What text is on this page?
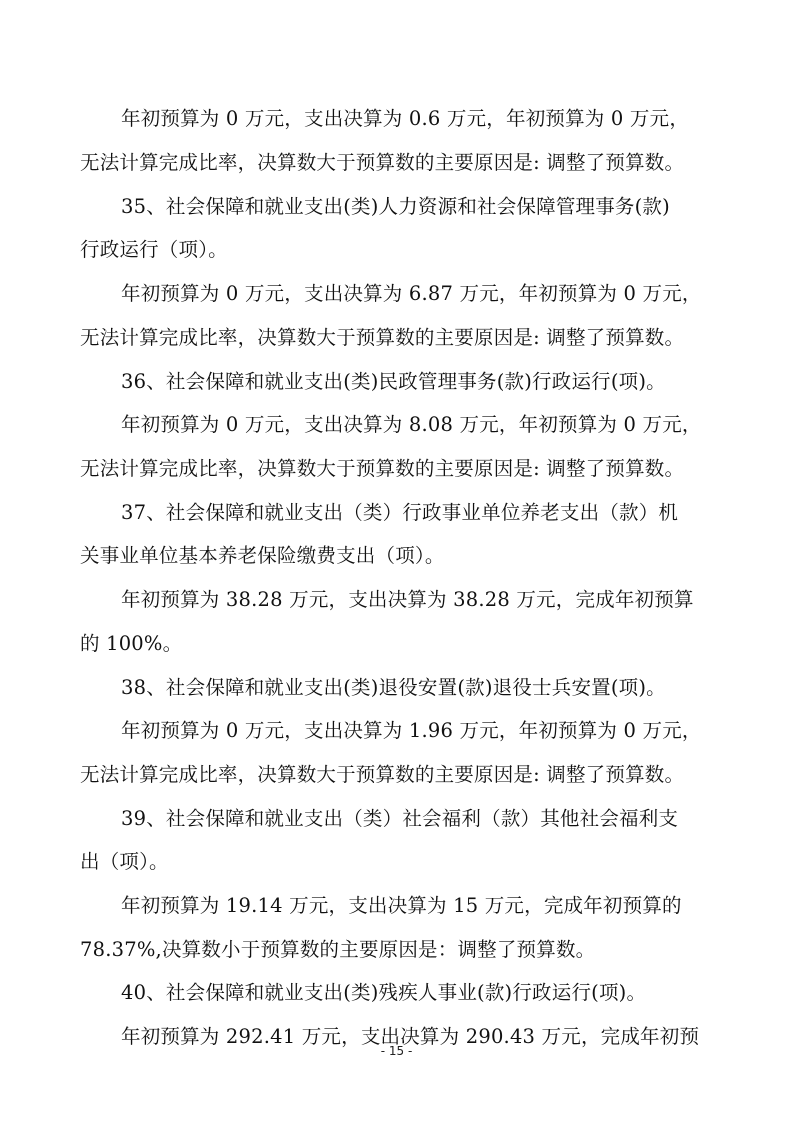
年初预算为 0 万元，支出决算为 0.6 万元，年初预算为 0 万元，
无法计算完成比率，决算数大于预算数的主要原因是: 调整了预算数。
35、社会保障和就业支出(类)人力资源和社会保障管理事务(款)
行政运行（项）。
年初预算为 0 万元，支出决算为 6.87 万元，年初预算为 0 万元，
无法计算完成比率，决算数大于预算数的主要原因是: 调整了预算数。
36、社会保障和就业支出(类)民政管理事务(款)行政运行(项)。
年初预算为 0 万元，支出决算为 8.08 万元，年初预算为 0 万元，
无法计算完成比率，决算数大于预算数的主要原因是: 调整了预算数。
37、社会保障和就业支出（类）行政事业单位养老支出（款）机
关事业单位基本养老保险缴费支出（项）。
年初预算为 38.28 万元，支出决算为 38.28 万元，完成年初预算
的 100%。
38、社会保障和就业支出(类)退役安置(款)退役士兵安置(项)。
年初预算为 0 万元，支出决算为 1.96 万元，年初预算为 0 万元，
无法计算完成比率，决算数大于预算数的主要原因是: 调整了预算数。
39、社会保障和就业支出（类）社会福利（款）其他社会福利支
出（项）。
年初预算为 19.14 万元，支出决算为 15 万元，完成年初预算的
78.37%,决算数小于预算数的主要原因是：调整了预算数。
40、社会保障和就业支出(类)残疾人事业(款)行政运行(项)。
年初预算为 292.41 万元，支出决算为 290.43 万元，完成年初预
- 15 -
